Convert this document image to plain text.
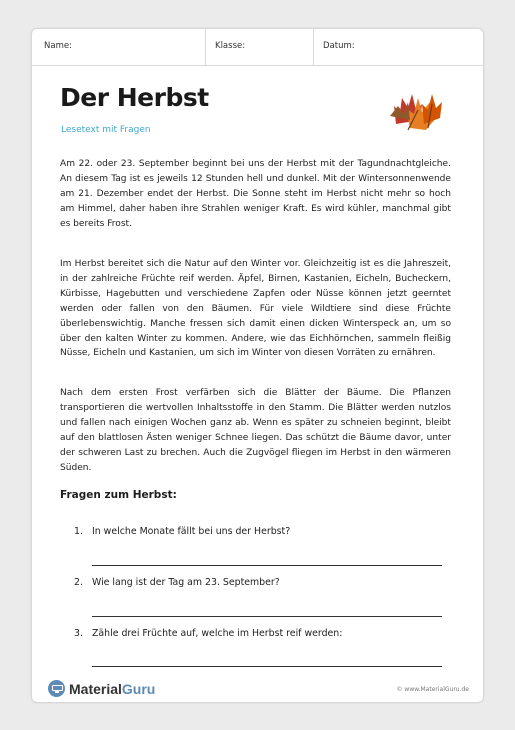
Name:	Klasse:	Datum:
Der Herbst
Lesetext mit Fragen

Am 22. oder 23. September beginnt bei uns der Herbst mit der Tagundnachtgleiche. An diesem Tag ist es jeweils 12 Stunden hell und dunkel. Mit der Wintersonnenwende am 21. Dezember endet der Herbst. Die Sonne steht im Herbst nicht mehr so hoch am Himmel, daher haben ihre Strahlen weniger Kraft. Es wird kühler, manchmal gibt es bereits Frost.

Im Herbst bereitet sich die Natur auf den Winter vor. Gleichzeitig ist es die Jahreszeit, in der zahlreiche Früchte reif werden. Äpfel, Birnen, Kastanien, Eicheln, Bucheckern, Kürbisse, Hagebutten und verschiedene Zapfen oder Nüsse können jetzt geerntet werden oder fallen von den Bäumen. Für viele Wildtiere sind diese Früchte überlebenswichtig. Manche fressen sich damit einen dicken Winterspeck an, um so über den kalten Winter zu kommen. Andere, wie das Eichhörnchen, sammeln fleißig Nüsse, Eicheln und Kastanien, um sich im Winter von diesen Vorräten zu ernähren.

Nach dem ersten Frost verfärben sich die Blätter der Bäume. Die Pflanzen transportieren die wertvollen Inhaltsstoffe in den Stamm. Die Blätter werden nutzlos und fallen nach einigen Wochen ganz ab. Wenn es später zu schneien beginnt, bleibt auf den blattlosen Ästen weniger Schnee liegen. Das schützt die Bäume davor, unter der schweren Last zu brechen. Auch die Zugvögel fliegen im Herbst in den wärmeren Süden.

Fragen zum Herbst:
1. In welche Monate fällt bei uns der Herbst?
2. Wie lang ist der Tag am 23. September?
3. Zähle drei Früchte auf, welche im Herbst reif werden:
MaterialGuru	© www.MaterialGuru.de
